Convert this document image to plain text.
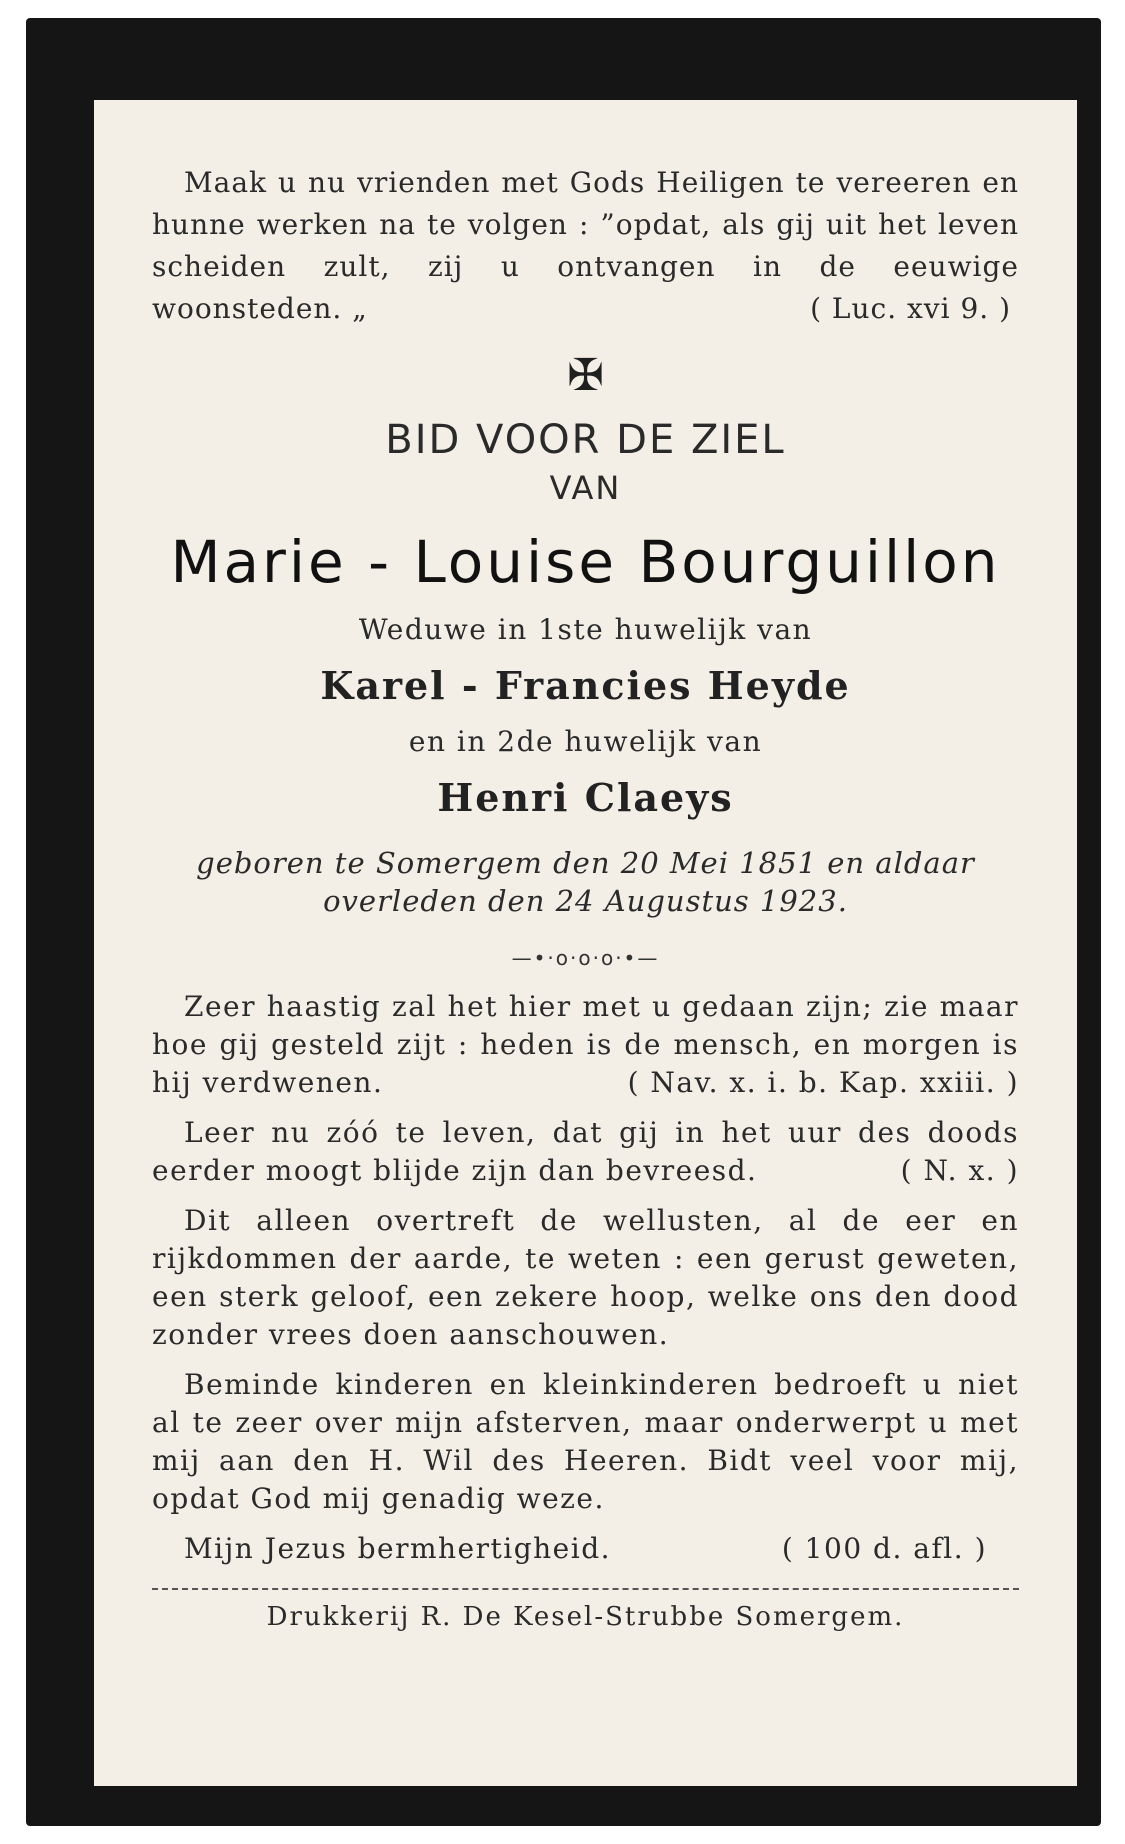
Maak u nu vrienden met Gods Heiligen te vereeren en hunne werken na te volgen : ”opdat, als gij uit het leven scheiden zult, zij u ontvangen in de eeuwige woonsteden. „	( Luc. xvi 9. )

✠
BID VOOR DE ZIEL
VAN
Marie - Louise Bourguillon
Weduwe in 1ste huwelijk van
Karel - Francies Heyde
en in 2de huwelijk van
Henri Claeys
geboren te Somergem den 20 Mei 1851 en aldaar overleden den 24 Augustus 1923.
—•·o·o·o·•—

Zeer haastig zal het hier met u gedaan zijn; zie maar hoe gij gesteld zijt : heden is de mensch, en morgen is hij verdwenen.	( Nav. x. i. b. Kap. xxiii. )

Leer nu zóó te leven, dat gij in het uur des doods eerder moogt blijde zijn dan bevreesd.	( N. x. )

Dit alleen overtreft de wellusten, al de eer en rijkdommen der aarde, te weten : een gerust geweten, een sterk geloof, een zekere hoop, welke ons den dood zonder vrees doen aanschouwen.

Beminde kinderen en kleinkinderen bedroeft u niet al te zeer over mijn afsterven, maar onderwerpt u met mij aan den H. Wil des Heeren. Bidt veel voor mij, opdat God mij genadig weze.

Mijn Jezus bermhertigheid.	( 100 d. afl. )
Drukkerij R. De Kesel-Strubbe Somergem.
